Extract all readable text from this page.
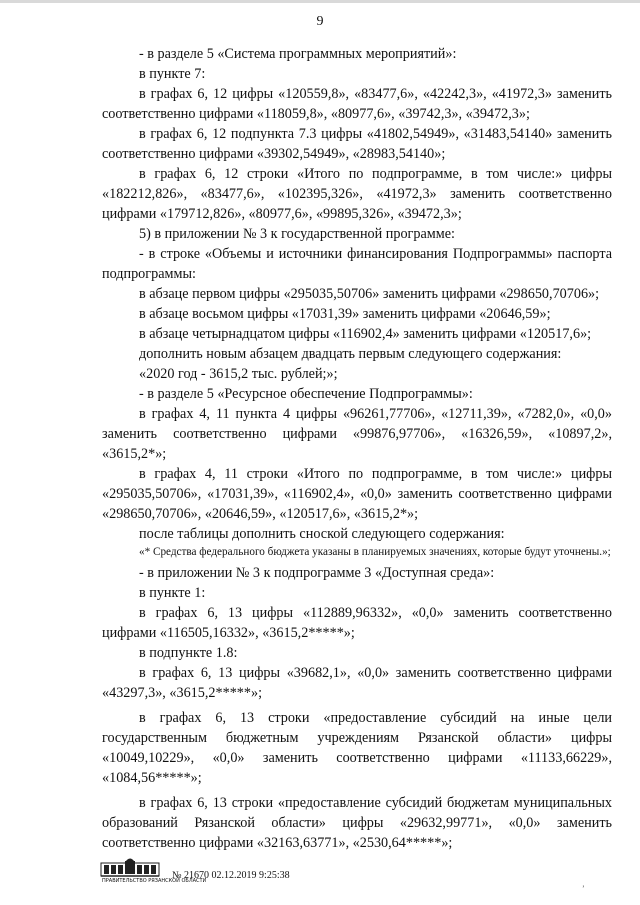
9

- в разделе 5 «Система программных мероприятий»:

в пункте 7:

в графах 6, 12 цифры «120559,8», «83477,6», «42242,3», «41972,3» заменить соответственно цифрами «118059,8», «80977,6», «39742,3», «39472,3»;

в графах 6, 12 подпункта 7.3 цифры «41802,54949», «31483,54140» заменить соответственно цифрами «39302,54949», «28983,54140»;

в графах 6, 12 строки «Итого по подпрограмме, в том числе:» цифры «182212,826», «83477,6», «102395,326», «41972,3» заменить соответственно цифрами «179712,826», «80977,6», «99895,326», «39472,3»;

5) в приложении № 3 к государственной программе:

- в строке «Объемы и источники финансирования Подпрограммы» паспорта подпрограммы:

в абзаце первом цифры «295035,50706» заменить цифрами «298650,70706»;

в абзаце восьмом цифры «17031,39» заменить цифрами «20646,59»;

в абзаце четырнадцатом цифры «116902,4» заменить цифрами «120517,6»;

дополнить новым абзацем двадцать первым следующего содержания:

«2020 год - 3615,2 тыс. рублей;»;

- в разделе 5 «Ресурсное обеспечение Подпрограммы»:

в графах 4, 11 пункта 4 цифры «96261,77706», «12711,39», «7282,0», «0,0» заменить соответственно цифрами «99876,97706», «16326,59», «10897,2», «3615,2*»;

в графах 4, 11 строки «Итого по подпрограмме, в том числе:» цифры «295035,50706», «17031,39», «116902,4», «0,0» заменить соответственно цифрами «298650,70706», «20646,59», «120517,6», «3615,2*»;

после таблицы дополнить сноской следующего содержания:

«* Средства федерального бюджета указаны в планируемых значениях, которые будут уточнены.»;

- в приложении № 3 к подпрограмме 3 «Доступная среда»:

в пункте 1:

в графах 6, 13 цифры «112889,96332», «0,0» заменить соответственно цифрами «116505,16332», «3615,2*****»;

в подпункте 1.8:

в графах 6, 13 цифры «39682,1», «0,0» заменить соответственно цифрами «43297,3», «3615,2*****»;

в графах 6, 13 строки «предоставление субсидий на иные цели государственным бюджетным учреждениям Рязанской области» цифры «10049,10229», «0,0» заменить соответственно цифрами «11133,66229», «1084,56*****»;

в графах 6, 13 строки «предоставление субсидий бюджетам муниципальных образований Рязанской области» цифры «29632,99771», «0,0» заменить соответственно цифрами «32163,63771», «2530,64*****»;

ПРАВИТЕЛЬСТВО РЯЗАНСКОЙ ОБЛАСТИ
№ 21670 02.12.2019 9:25:38
’
